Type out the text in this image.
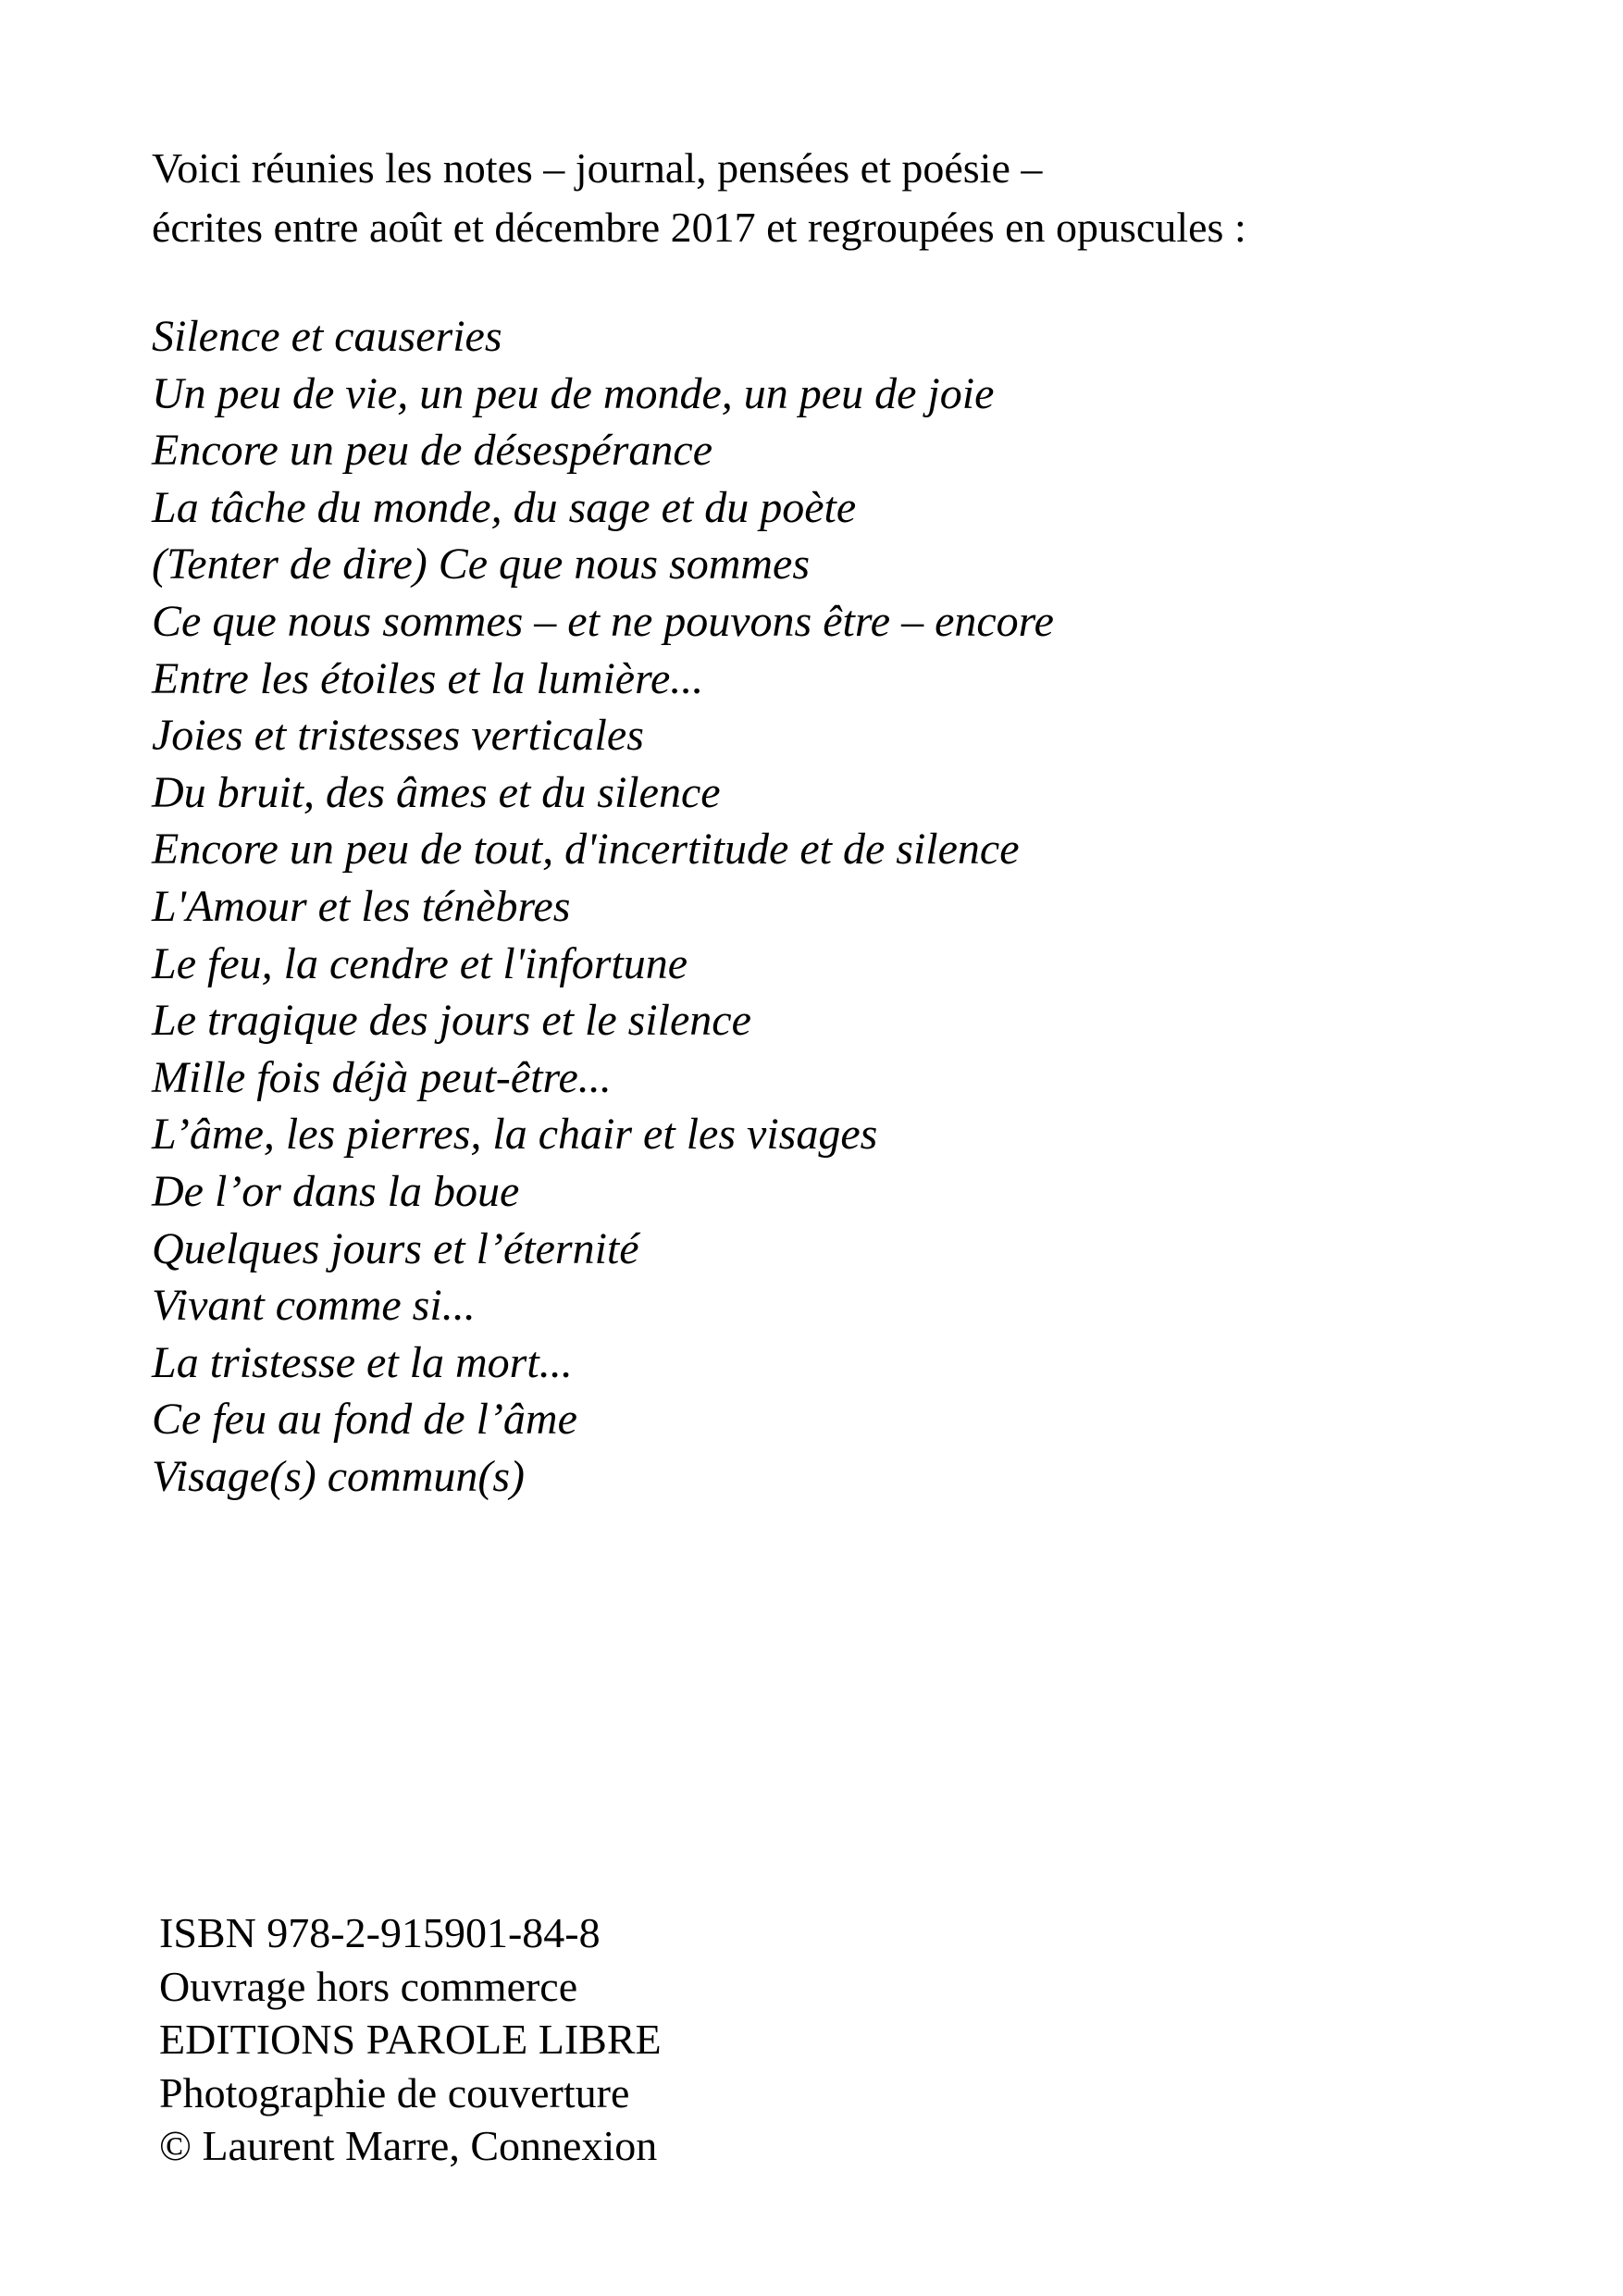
Voici réunies les notes – journal, pensées et poésie –
écrites entre août et décembre 2017 et regroupées en opuscules :
Silence et causeries
Un peu de vie, un peu de monde, un peu de joie
Encore un peu de désespérance
La tâche du monde, du sage et du poète
(Tenter de dire) Ce que nous sommes
Ce que nous sommes – et ne pouvons être – encore
Entre les étoiles et la lumière...
Joies et tristesses verticales
Du bruit, des âmes et du silence
Encore un peu de tout, d'incertitude et de silence
L'Amour et les ténèbres
Le feu, la cendre et l'infortune
Le tragique des jours et le silence
Mille fois déjà peut-être...
L’âme, les pierres, la chair et les visages
De l’or dans la boue
Quelques jours et l’éternité
Vivant comme si...
La tristesse et la mort...
Ce feu au fond de l’âme
Visage(s) commun(s)
ISBN 978-2-915901-84-8
Ouvrage hors commerce
EDITIONS PAROLE LIBRE
Photographie de couverture
© Laurent Marre, Connexion
